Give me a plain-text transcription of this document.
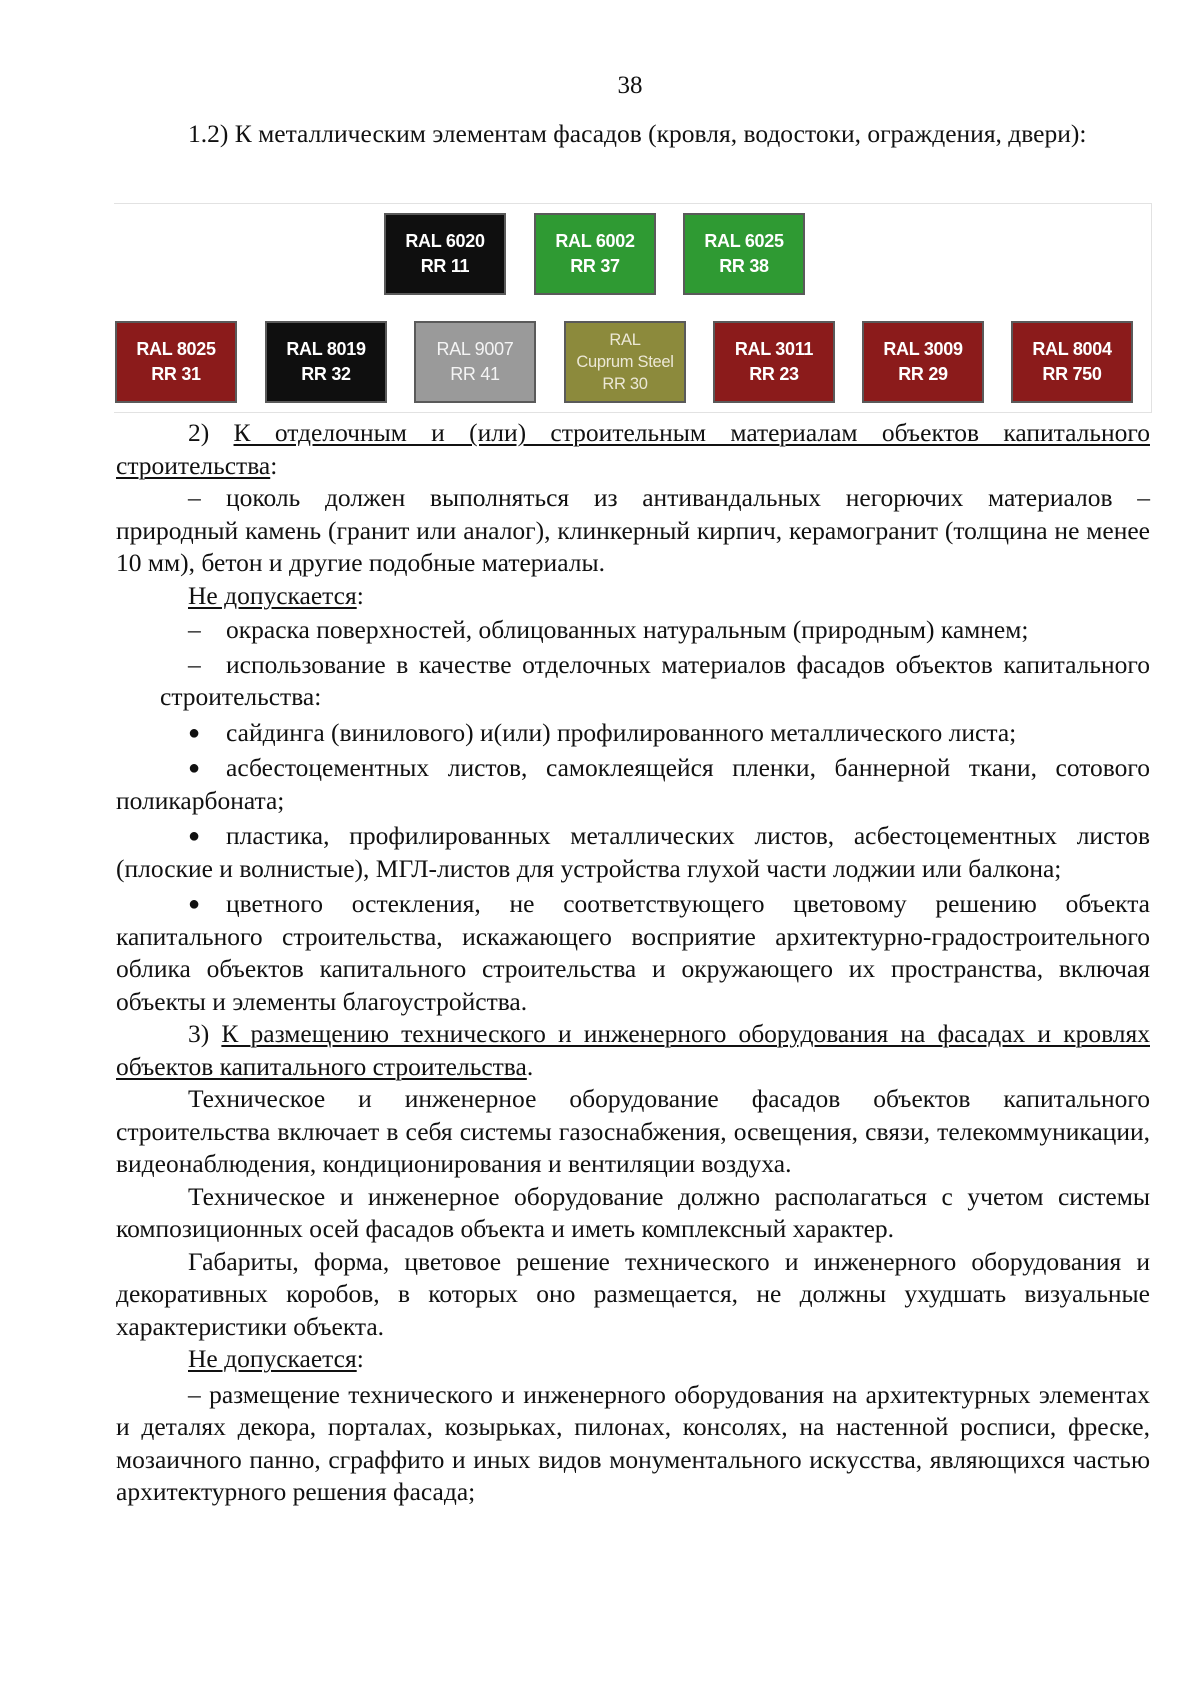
38

1.2) К металлическим элементам фасадов (кровля, водостоки, ограждения, двери):

RAL 6020
RR 11
RAL 6002
RR 37
RAL 6025
RR 38
RAL 8025
RR 31
RAL 8019
RR 32
RAL 9007
RR 41
RAL
Cuprum Steel
RR 30
RAL 3011
RR 23
RAL 3009
RR 29
RAL 8004
RR 750

2) К отделочным и (или) строительным материалам объектов капитального строительства:

– цоколь должен выполняться из антивандальных негорючих материалов – природный камень (гранит или аналог), клинкерный кирпич, керамогранит (толщина не менее 10 мм), бетон и другие подобные материалы.

Не допускается:

– окраска поверхностей, облицованных натуральным (природным) камнем;

– использование в качестве отделочных материалов фасадов объектов капитального строительства:

● сайдинга (винилового) и(или) профилированного металлического листа;

● асбестоцементных листов, самоклеящейся пленки, баннерной ткани, сотового поликарбоната;

● пластика, профилированных металлических листов, асбестоцементных листов (плоские и волнистые), МГЛ-листов для устройства глухой части лоджии или балкона;

● цветного остекления, не соответствующего цветовому решению объекта капитального строительства, искажающего восприятие архитектурно-градостроительного облика объектов капитального строительства и окружающего их пространства, включая объекты и элементы благоустройства.

3) К размещению технического и инженерного оборудования на фасадах и кровлях объектов капитального строительства.

Техническое и инженерное оборудование фасадов объектов капитального строительства включает в себя системы газоснабжения, освещения, связи, телекоммуникации, видеонаблюдения, кондиционирования и вентиляции воздуха.

Техническое и инженерное оборудование должно располагаться с учетом системы композиционных осей фасадов объекта и иметь комплексный характер.

Габариты, форма, цветовое решение технического и инженерного оборудования и декоративных коробов, в которых оно размещается, не должны ухудшать визуальные характеристики объекта.

Не допускается:

– размещение технического и инженерного оборудования на архитектурных элементах и деталях декора, порталах, козырьках, пилонах, консолях, на настенной росписи, фреске, мозаичного панно, сграффито и иных видов монументального искусства, являющихся частью архитектурного решения фасада;
